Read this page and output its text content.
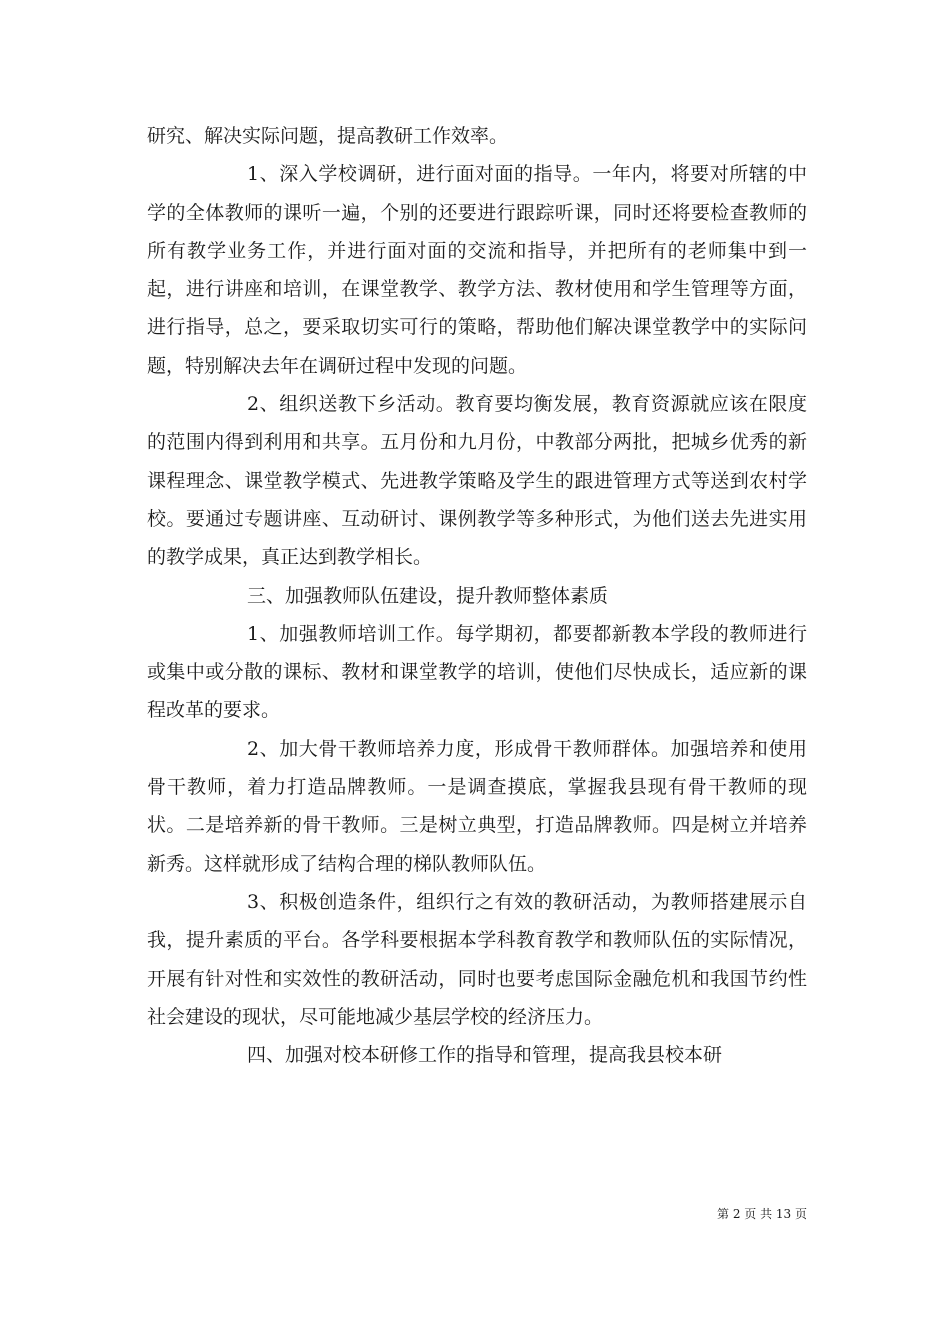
研究、解决实际问题，提高教研工作效率。

1、深入学校调研，进行面对面的指导。一年内，将要对所辖的中学的全体教师的课听一遍，个别的还要进行跟踪听课，同时还将要检查教师的所有教学业务工作，并进行面对面的交流和指导，并把所有的老师集中到一起，进行讲座和培训，在课堂教学、教学方法、教材使用和学生管理等方面，进行指导，总之，要采取切实可行的策略，帮助他们解决课堂教学中的实际问题，特别解决去年在调研过程中发现的问题。

2、组织送教下乡活动。教育要均衡发展，教育资源就应该在限度的范围内得到利用和共享。五月份和九月份，中教部分两批，把城乡优秀的新课程理念、课堂教学模式、先进教学策略及学生的跟进管理方式等送到农村学校。要通过专题讲座、互动研讨、课例教学等多种形式，为他们送去先进实用的教学成果，真正达到教学相长。

三、加强教师队伍建设，提升教师整体素质

1、加强教师培训工作。每学期初，都要都新教本学段的教师进行或集中或分散的课标、教材和课堂教学的培训，使他们尽快成长，适应新的课程改革的要求。

2、加大骨干教师培养力度，形成骨干教师群体。加强培养和使用骨干教师，着力打造品牌教师。一是调查摸底，掌握我县现有骨干教师的现状。二是培养新的骨干教师。三是树立典型，打造品牌教师。四是树立并培养新秀。这样就形成了结构合理的梯队教师队伍。

3、积极创造条件，组织行之有效的教研活动，为教师搭建展示自我，提升素质的平台。各学科要根据本学科教育教学和教师队伍的实际情况，开展有针对性和实效性的教研活动，同时也要考虑国际金融危机和我国节约性社会建设的现状，尽可能地减少基层学校的经济压力。

四、加强对校本研修工作的指导和管理，提高我县校本研

第 2 页 共 13 页
